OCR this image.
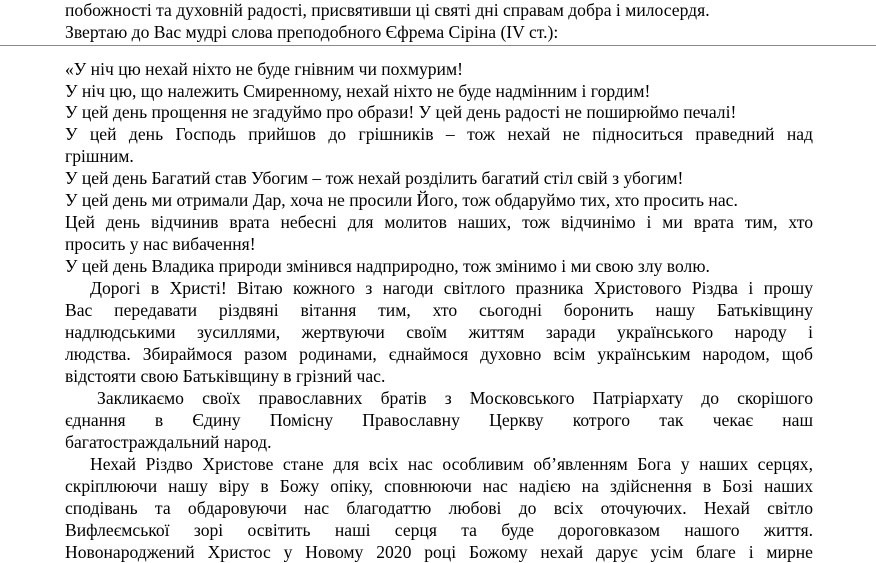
побожності та духовній радості, присвятивши ці святі дні справам добра і милосердя.
Звертаю до Вас мудрі слова преподобного Єфрема Сіріна (IV ст.):
«У ніч цю нехай ніхто не буде гнівним чи похмурим!
У ніч цю, що належить Смиренному, нехай ніхто не буде надмінним і гордим!
У цей день прощення не згадуймо про образи! У цей день радості не поширюймо печалі!
У цей день Господь прийшов до грішників – тож нехай не підноситься праведний над
грішним.
У цей день Багатий став Убогим – тож нехай розділить багатий стіл свій з убогим!
У цей день ми отримали Дар, хоча не просили Його, тож обдаруймо тих, хто просить нас.
Цей день відчинив врата небесні для молитов наших, тож відчинімо і ми врата тим, хто
просить у нас вибачення!
У цей день Владика природи змінився надприродно, тож змінимо і ми свою злу волю.
Дорогі в Христі! Вітаю кожного з нагоди світлого празника Христового Різдва і прошу
Вас передавати різдвяні вітання тим, хто сьогодні боронить нашу Батьківщину
надлюдськими зусиллями, жертвуючи своїм життям заради українського народу і
людства. Збираймося разом родинами, єднаймося духовно всім українським народом, щоб
відстояти свою Батьківщину в грізний час.
Закликаємо своїх православних братів з Московського Патріархату до скорішого
єднання в Єдину Помісну Православну Церкву котрого так чекає наш
багатостраждальний народ.
Нехай Різдво Христове стане для всіх нас особливим об’явленням Бога у наших серцях,
скріплюючи нашу віру в Божу опіку, сповнюючи нас надією на здійснення в Бозі наших
сподівань та обдаровуючи нас благодаттю любові до всіх оточуючих. Нехай світло
Вифлеємської зорі освітить наші серця та буде дороговказом нашого життя.
Новонароджений Христос у Новому 2020 році Божому нехай дарує усім благе і мирне
